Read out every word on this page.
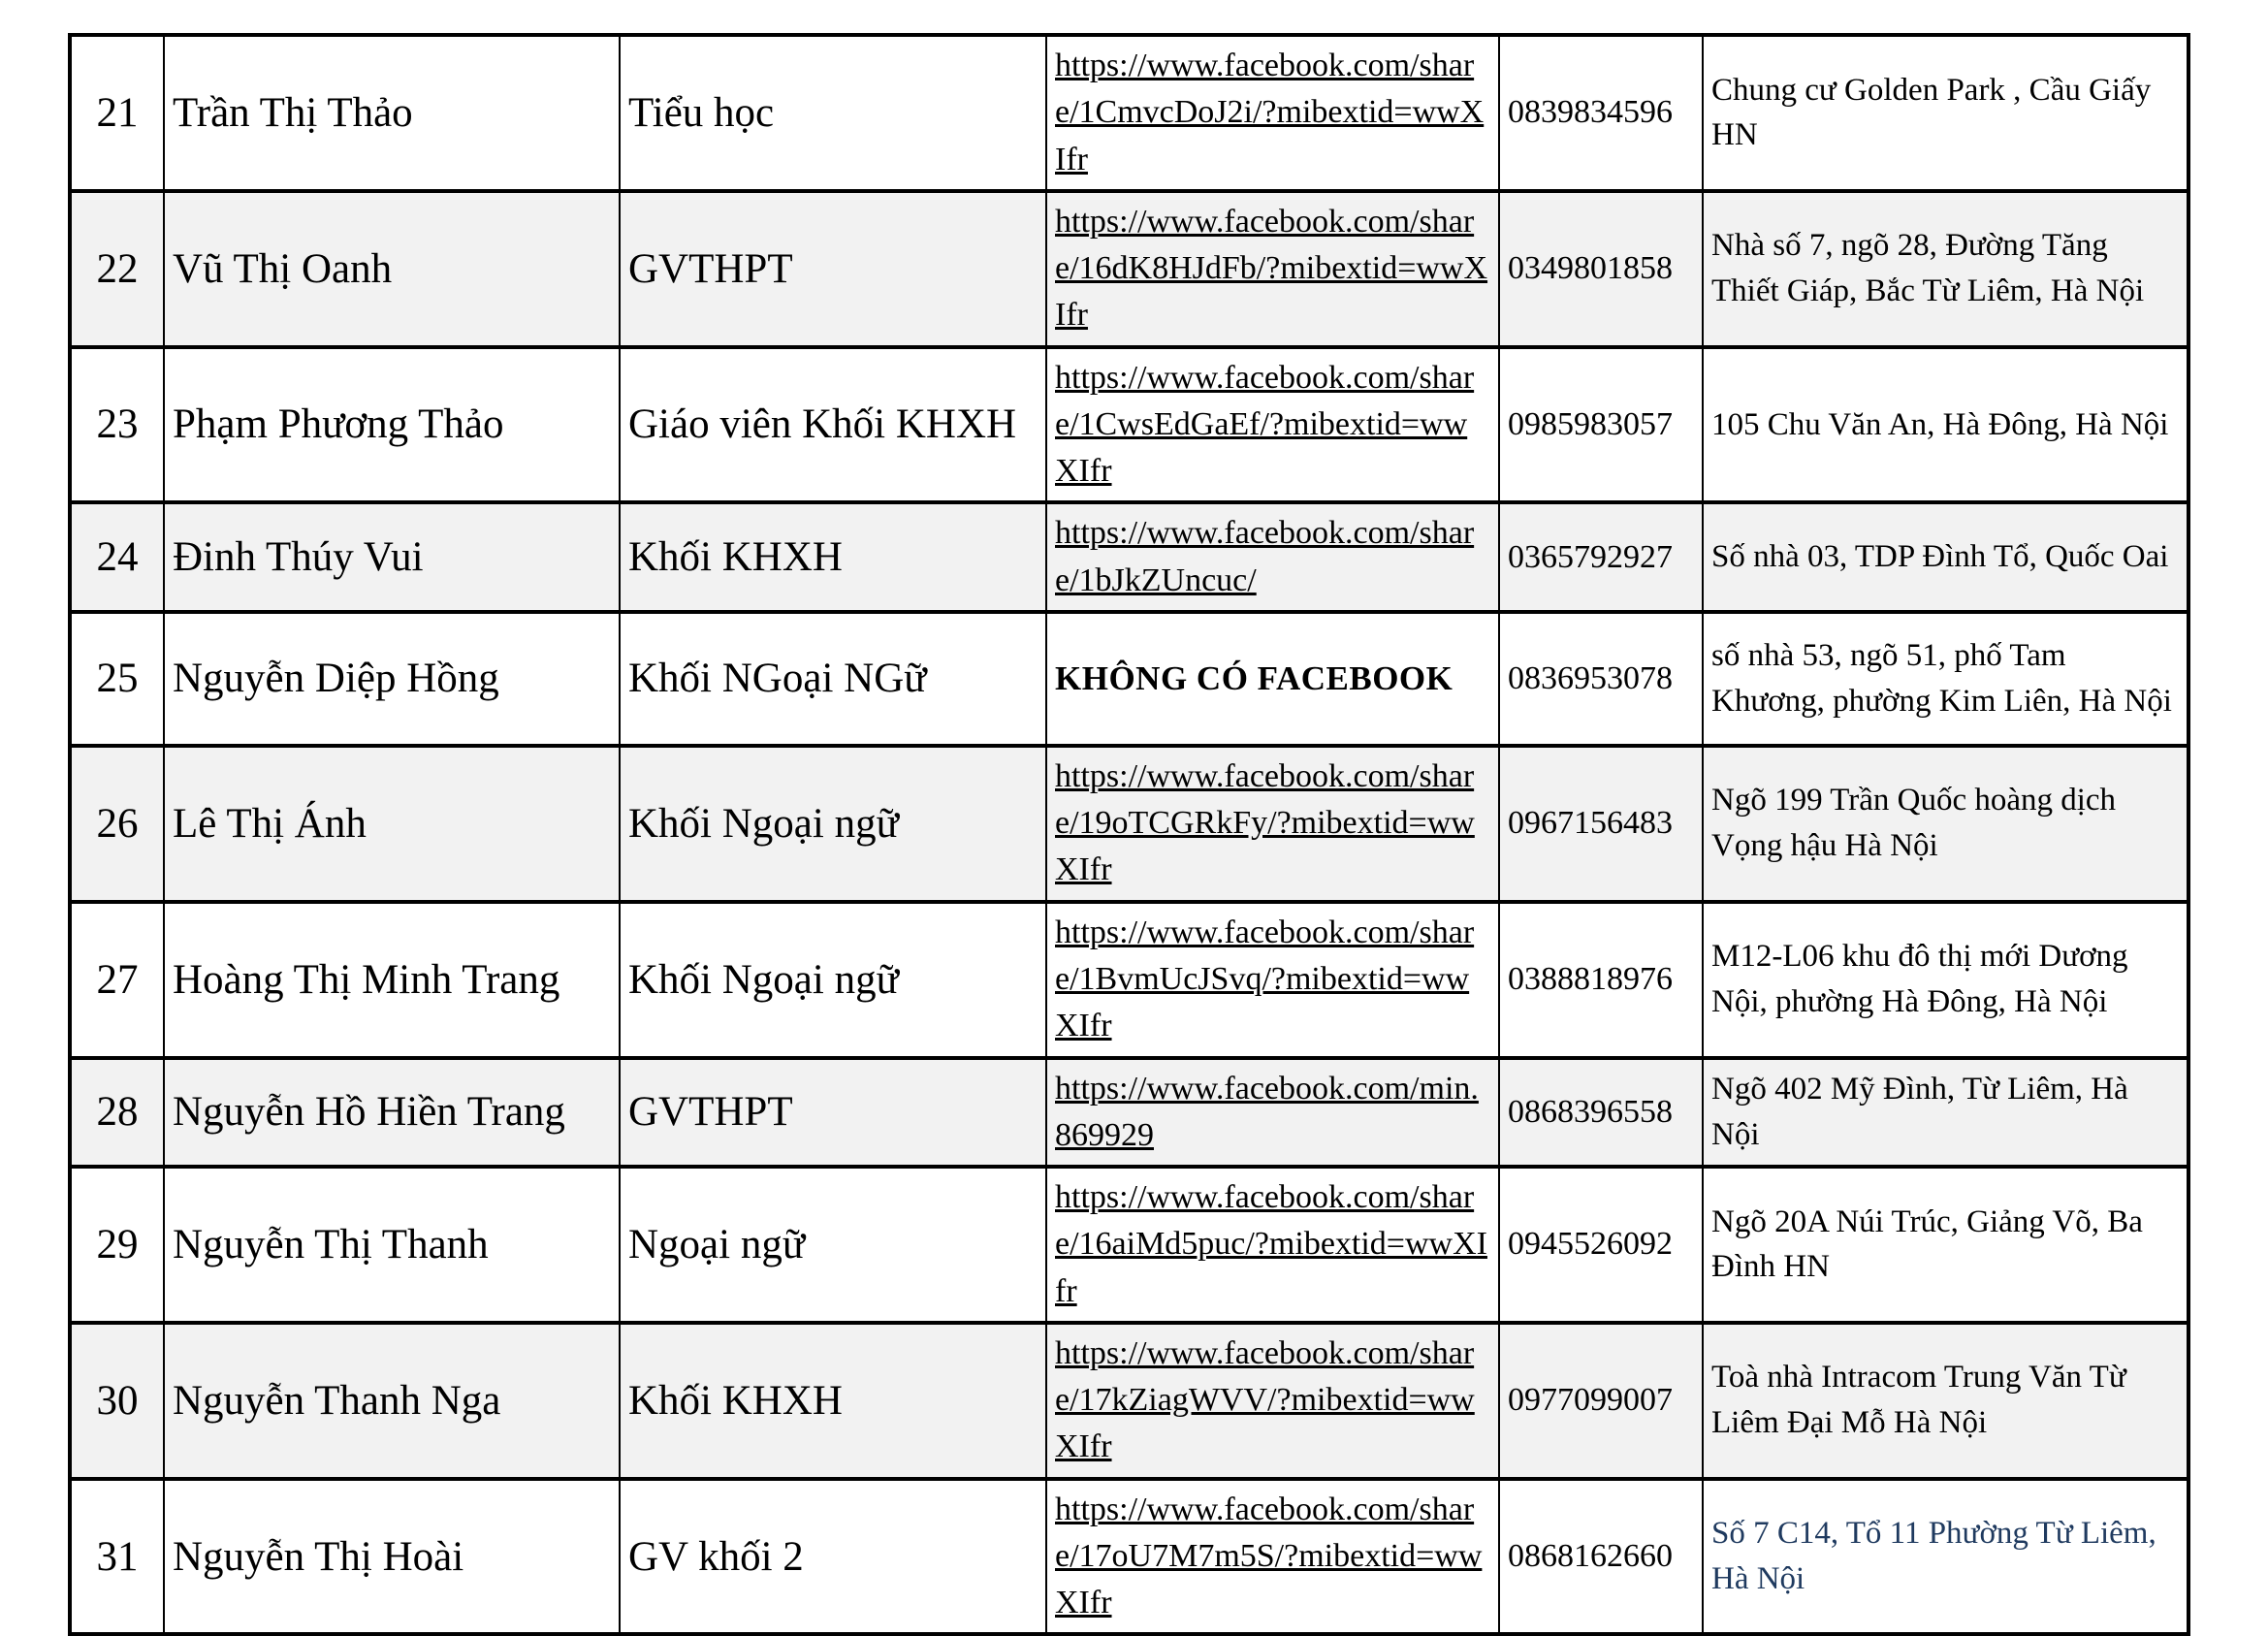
21	Trần Thị Thảo	Tiểu học	https://www.facebook.com/share/1CmvcDoJ2i/?mibextid=wwXIfr	0839834596	Chung cư Golden Park , Cầu Giấy HN
22	Vũ Thị Oanh	GVTHPT	https://www.facebook.com/share/16dK8HJdFb/?mibextid=wwXIfr	0349801858	Nhà số 7, ngõ 28, Đường Tăng Thiết Giáp, Bắc Từ Liêm, Hà Nội
23	Phạm Phương Thảo	Giáo viên Khối KHXH	https://www.facebook.com/share/1CwsEdGaEf/?mibextid=wwXIfr	0985983057	105 Chu Văn An, Hà Đông, Hà Nội
24	Đinh Thúy Vui	Khối KHXH	https://www.facebook.com/share/1bJkZUncuc/	0365792927	Số nhà 03, TDP Đình Tổ, Quốc Oai
25	Nguyễn Diệp Hồng	Khối NGoại NGữ	KHÔNG CÓ FACEBOOK	0836953078	số nhà 53, ngõ 51, phố Tam Khương, phường Kim Liên, Hà Nội
26	Lê Thị Ánh	Khối Ngoại ngữ	https://www.facebook.com/share/19oTCGRkFy/?mibextid=wwXIfr	0967156483	Ngõ 199 Trần Quốc hoàng dịch Vọng hậu Hà Nội
27	Hoàng Thị Minh Trang	Khối Ngoại ngữ	https://www.facebook.com/share/1BvmUcJSvq/?mibextid=wwXIfr	0388818976	M12-L06 khu đô thị mới Dương Nội, phường Hà Đông, Hà Nội
28	Nguyễn Hồ Hiền Trang	GVTHPT	https://www.facebook.com/min.869929	0868396558	Ngõ 402 Mỹ Đình, Từ Liêm, Hà Nội
29	Nguyễn Thị Thanh	Ngoại ngữ	https://www.facebook.com/share/16aiMd5puc/?mibextid=wwXIfr	0945526092	Ngõ 20A Núi Trúc, Giảng Võ, Ba Đình HN
30	Nguyễn Thanh Nga	Khối KHXH	https://www.facebook.com/share/17kZiagWVV/?mibextid=wwXIfr	0977099007	Toà nhà Intracom Trung Văn Từ Liêm Đại Mỗ Hà Nội
31	Nguyễn Thị Hoài	GV khối 2	https://www.facebook.com/share/17oU7M7m5S/?mibextid=wwXIfr	0868162660	Số 7 C14, Tổ 11 Phường Từ Liêm, Hà Nội
